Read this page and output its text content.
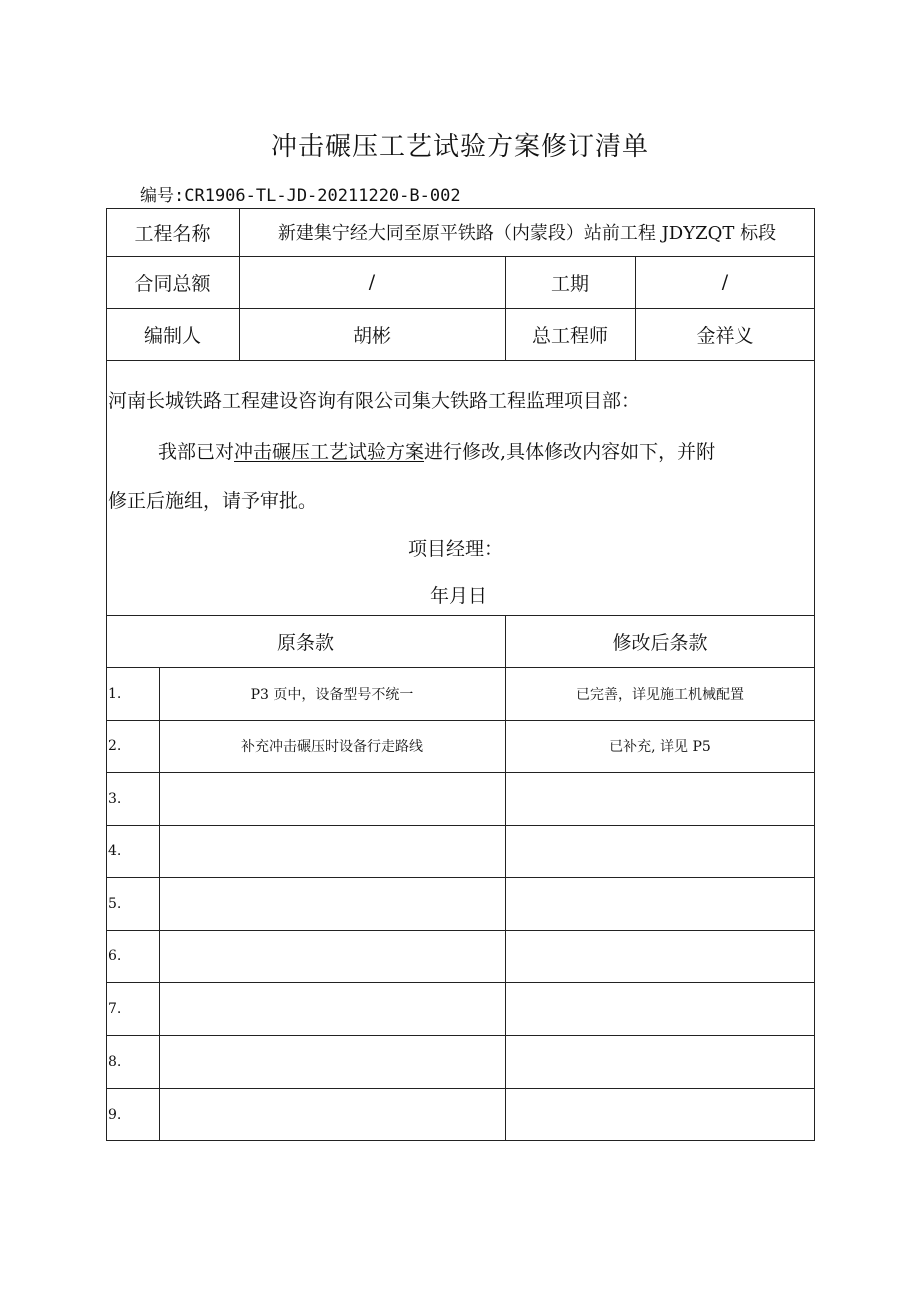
冲击碾压工艺试验方案修订清单
编号:CR1906-TL-JD-20211220-B-002
工程名称	新建集宁经大同至原平铁路（内蒙段）站前工程 JDYZQT 标段
合同总额	/	工期	/
编制人	胡彬	总工程师	金祥义
河南长城铁路工程建设咨询有限公司集大铁路工程监理项目部：
我部已对冲击碾压工艺试验方案进行修改,具体修改内容如下，并附
修正后施组，请予审批。
项目经理：
年月日
原条款	修改后条款
1.	P3 页中，设备型号不统一	已完善，详见施工机械配置
2.	补充冲击碾压时设备行走路线	已补充, 详见 P5
3.
4.
5.
6.
7.
8.
9.
